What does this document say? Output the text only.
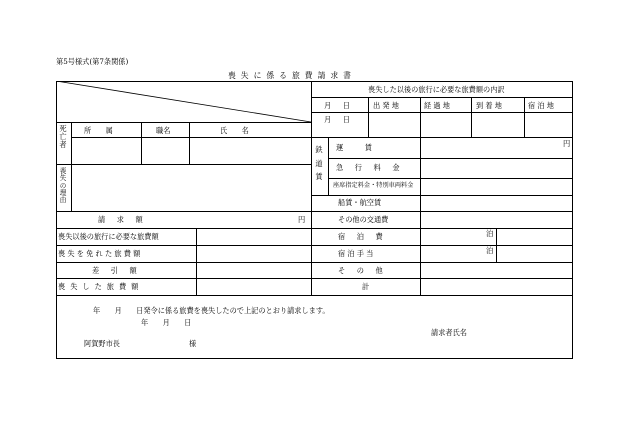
第5号様式(第7条関係)
喪失に係る旅費請求書
死亡者
所　　属	職名	氏　　名
喪失の理由
請　求　額	円
喪失以後の旅行に必要な旅費額
喪失を免れた旅費額
差　引　額
喪失した旅費額
喪失した以後の旅行に必要な旅費額の内訳
月　日	出発地	経過地	到着地	宿泊地
月　日
鉄道賃
運　　　賃	円
急　行　料　金
座席指定料金・特別車両料金
船賃・航空賃
その他の交通費
宿　泊　費	泊
宿泊手当	泊
そ　の　他
計
年　　月　　日発令に係る旅費を喪失したので上記のとおり請求します。
年　　月　　日
請求者氏名
阿賀野市長	様
